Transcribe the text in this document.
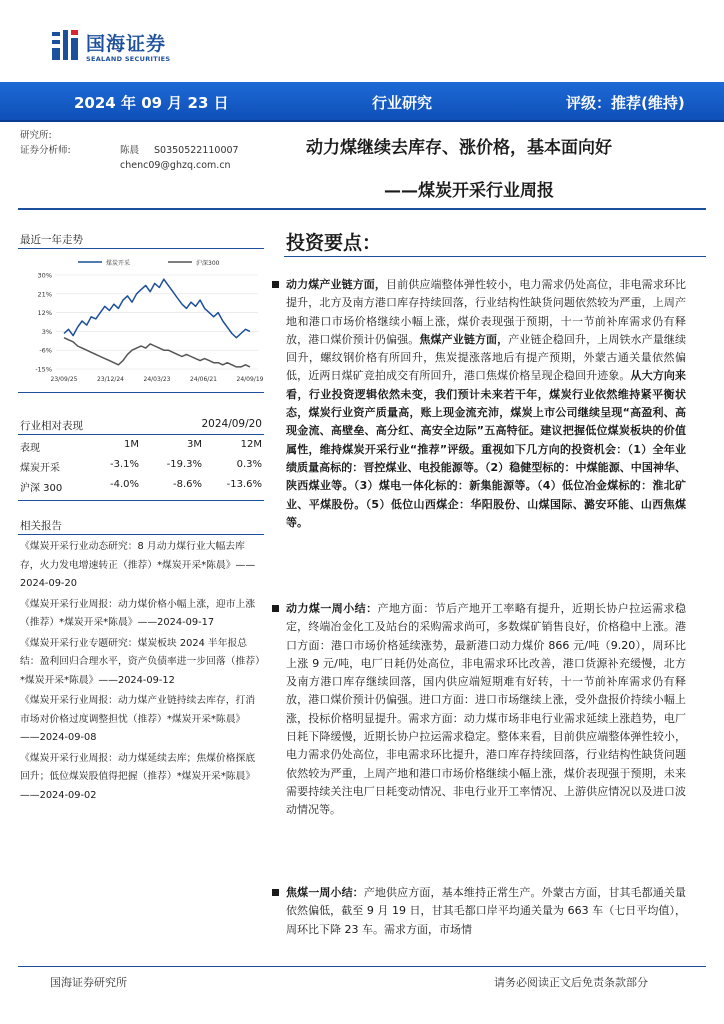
国海证券
SEALAND SECURITIES
2024 年 09 月 23 日	行业研究	评级：推荐(维持)
研究所:
证券分析师:	陈晨 S0350522110007
chenc09@ghzq.com.cn
动力煤继续去库存、涨价格，基本面向好
——煤炭开采行业周报
最近一年走势
煤炭开采	沪深300
30%
21%
12%
3%
-6%
-15%
23/09/25	23/12/24	24/03/23	24/06/21	24/09/19
行业相对表现	2024/09/20
表现	1M	3M	12M
煤炭开采	-3.1%	-19.3%	0.3%
沪深 300	-4.0%	-8.6% -13.6%
相关报告
《煤炭开采行业动态研究：8 月动力煤行业大幅去库存，火力发电增速转正（推荐）*煤炭开采*陈晨》——2024-09-20
《煤炭开采行业周报：动力煤价格小幅上涨，迎市上涨（推荐）*煤炭开采*陈晨》——2024-09-17
《煤炭开采行业专题研究：煤炭板块 2024 半年报总结：盈利回归合理水平，资产负债率进一步回落（推荐）*煤炭开采*陈晨》——2024-09-12
《煤炭开采行业周报：动力煤产业链持续去库存，打消市场对价格过度调整担忧（推荐）*煤炭开采*陈晨》——2024-09-08
《煤炭开采行业周报：动力煤延续去库；焦煤价格探底回升；低位煤炭股值得把握（推荐）*煤炭开采*陈晨》——2024-09-02
投资要点：
动力煤产业链方面，目前供应端整体弹性较小，电力需求仍处高位，非电需求环比提升，北方及南方港口库存持续回落，行业结构性缺货问题依然较为严重，上周产地和港口市场价格继续小幅上涨，煤价表现强于预期，十一节前补库需求仍有释放，港口煤价预计仍偏强。焦煤产业链方面，产业链企稳回升，上周铁水产量继续回升，螺纹钢价格有所回升，焦炭提涨落地后有提产预期，外蒙古通关量依然偏低，近两日煤矿竞拍成交有所回升，港口焦煤价格呈现企稳回升迹象。从大方向来看，行业投资逻辑依然未变，我们预计未来若干年，煤炭行业依然维持紧平衡状态，煤炭行业资产质量高，账上现金流充沛，煤炭上市公司继续呈现“高盈利、高现金流、高壁垒、高分红、高安全边际”五高特征。建议把握低位煤炭板块的价值属性，维持煤炭开采行业“推荐”评级。重视如下几方向的投资机会：（1）全年业绩质量高标的：晋控煤业、电投能源等。（2）稳健型标的：中煤能源、中国神华、陕西煤业等。（3）煤电一体化标的：新集能源等。（4）低位冶金煤标的：淮北矿业、平煤股份。（5）低位山西煤企：华阳股份、山煤国际、潞安环能、山西焦煤等。
动力煤一周小结：产地方面：节后产地开工率略有提升，近期长协户拉运需求稳定，终端冶金化工及站台的采购需求尚可，多数煤矿销售良好，价格稳中上涨。港口方面：港口市场价格延续涨势，最新港口动力煤价 866 元/吨（9.20），周环比上涨 9 元/吨，电厂日耗仍处高位，非电需求环比改善，港口货源补充缓慢，北方及南方港口库存继续回落，国内供应端短期难有好转，十一节前补库需求仍有释放，港口煤价预计仍偏强。进口方面：进口市场继续上涨，受外盘报价持续小幅上涨，投标价格明显提升。需求方面：动力煤市场非电行业需求延续上涨趋势，电厂日耗下降缓慢，近期长协户拉运需求稳定。整体来看，目前供应端整体弹性较小，电力需求仍处高位，非电需求环比提升，港口库存持续回落，行业结构性缺货问题依然较为严重，上周产地和港口市场价格继续小幅上涨，煤价表现强于预期，未来需要持续关注电厂日耗变动情况、非电行业开工率情况、上游供应情况以及进口波动情况等。
焦煤一周小结：产地供应方面，基本维持正常生产。外蒙古方面，甘其毛都通关量依然偏低，截至 9 月 19 日，甘其毛都口岸平均通关量为 663 车（七日平均值），周环比下降 23 车。需求方面，市场情
国海证券研究所	请务必阅读正文后免责条款部分
